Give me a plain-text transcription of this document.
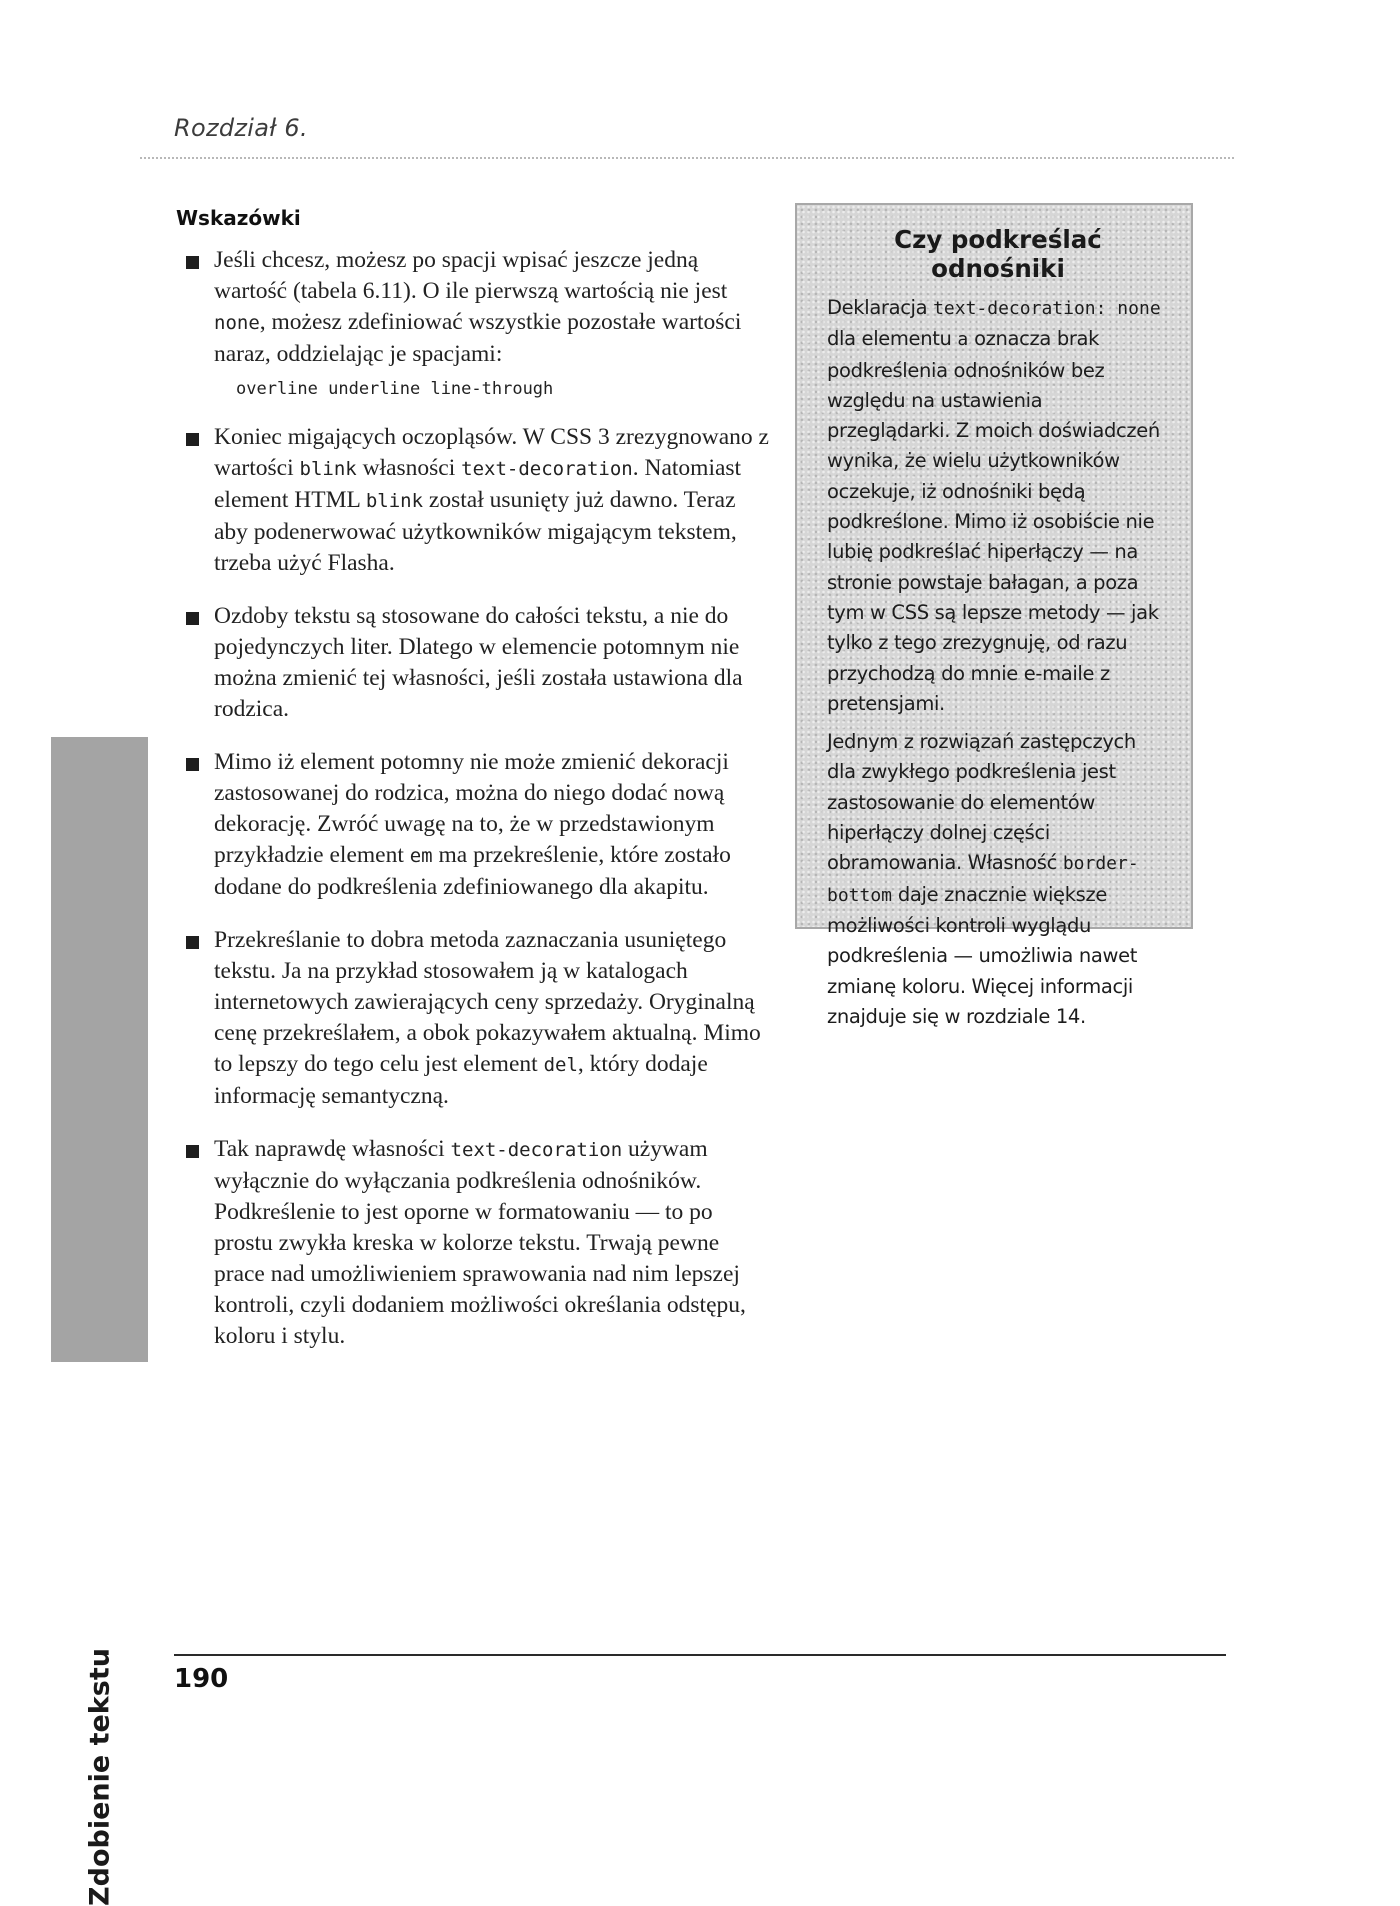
Rozdział 6.
Zdobienie tekstu
Wskazówki
Jeśli chcesz, możesz po spacji wpisać jeszcze jedną wartość (tabela 6.11). O ile pierwszą wartością nie jest none, możesz zdefiniować wszystkie pozostałe wartości naraz, oddzielając je spacjami:
overline underline line-through
Koniec migających oczopląsów. W CSS 3 zrezygnowano z wartości blink własności text-decoration. Natomiast element HTML blink został usunięty już dawno. Teraz aby podenerwować użytkowników migającym tekstem, trzeba użyć Flasha.
Ozdoby tekstu są stosowane do całości tekstu, a nie do pojedynczych liter. Dlatego w elemencie potomnym nie można zmienić tej własności, jeśli została ustawiona dla rodzica.
Mimo iż element potomny nie może zmienić dekoracji zastosowanej do rodzica, można do niego dodać nową dekorację. Zwróć uwagę na to, że w przedstawionym przykładzie element em ma przekreślenie, które zostało dodane do podkreślenia zdefiniowanego dla akapitu.
Przekreślanie to dobra metoda zaznaczania usuniętego tekstu. Ja na przykład stosowałem ją w katalogach internetowych zawierających ceny sprzedaży. Oryginalną cenę przekreślałem, a obok pokazywałem aktualną. Mimo to lepszy do tego celu jest element del, który dodaje informację semantyczną.
Tak naprawdę własności text-decoration używam wyłącznie do wyłączania podkreślenia odnośników. Podkreślenie to jest oporne w formatowaniu — to po prostu zwykła kreska w kolorze tekstu. Trwają pewne prace nad umożliwieniem sprawowania nad nim lepszej kontroli, czyli dodaniem możliwości określania odstępu, koloru i stylu.
Czy podkreślać odnośniki

Deklaracja text-decoration: none dla elementu a oznacza brak podkreślenia odnośników bez względu na ustawienia przeglądarki. Z moich doświadczeń wynika, że wielu użytkowników oczekuje, iż odnośniki będą podkreślone. Mimo iż osobiście nie lubię podkreślać hiperłączy — na stronie powstaje bałagan, a poza tym w CSS są lepsze metody — jak tylko z tego zrezygnuję, od razu przychodzą do mnie e-maile z pretensjami.

Jednym z rozwiązań zastępczych dla zwykłego podkreślenia jest zastosowanie do elementów hiperłączy dolnej części obramowania. Własność border-bottom daje znacznie większe możliwości kontroli wyglądu podkreślenia — umożliwia nawet zmianę koloru. Więcej informacji znajduje się w rozdziale 14.

190
